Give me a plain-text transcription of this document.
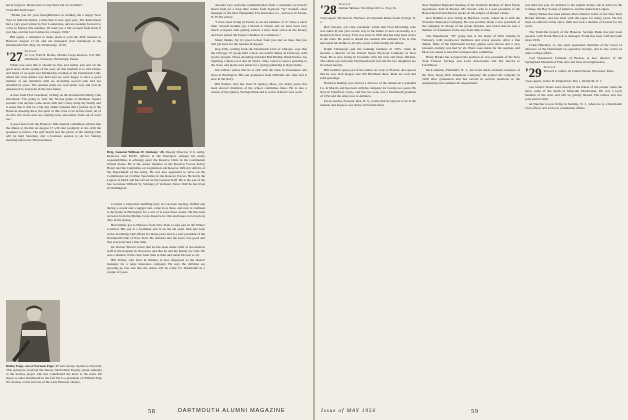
never forgot it. Bessie tries to stay there but we wouldn't...

From Bill Kellerman:

"Thank you for your thoughtfulness in wishing me a happy New Year in mid-December, a time that is now ages past. The Kellermans had a very good winter in Fort Lauderdale, and are looking forward to a trip to Europe this summer. I'll send you a full account from Paris if you like, and my best wishes for a happy 1956."

Bill again, a reminder to make plans to join the 30th reunion in Hanover August 17-19, and our inaugural class luncheons at the Dartmouth Club, May 14, Wednesday, 12:30.

'27 Secretary
Lt. Col. Fred B. Bolles, Marine Corps Reserve, Fort Sill, Oklahoma; Treasurer, Harrisburg, Penna.

When you read this it should be fine and balmy and and all the good news in the spring of the year. At this moment it is still winter, and many of us spent last Wednesday evening at the Dartmouth Club, where the class dinner was held and we were happy to have a good number of our members with us, including several who had not attended in years. The reunion plans are well under way and will be announced to everyone in the near future.

A note from Fred Greenleaf, writing on the Dartmouth Outing Club letterhead: 'I'm going to visit the NCAA game at Madison Square Garden. Can anyone come down with me? I may bring my family and it looks like it will be a big day. Other remarks that I picked up at the Hanover meeting show the spirit of this class to be in fine form; all of us who live in the area are coming back, and plenty from out of town too.'

A good note from the Hanover 30th reunion committee advises that the dinner at the Inn on August 17 will start promptly at six, with the speakers to follow. The golf match and the picnic at the Outing Club will be held Saturday, and a business session is set for Sunday morning before the final luncheon.

Brig. General William W. Stickney '28, Deputy Director, U.S. Army, Reserves and ROTC Affairs at the Pentagon. Among his many responsibilities is advising upon the Reserve Units in the Continental United States. He is the senior member of the Reserve Forces Policy Board and the Committee on Legislation and Reserve Officers' Affairs of the Department of the Army. He was also appointed to serve on the Commission on Civilian Specialists in the Reserve Forces. He holds the Legion of Merit and has served on the General Staff. He is the son of the late Governor William W. Stickney of Vermont. Since 1949 he has lived in Washington.

Cracked a somewhat shuffling forty in Colorado Springs, fluffed one during a recent and a rugged rain, came in at three, and now is confined to his home at Barrington for a rest of at least three weeks. He has been on leave from the Marine Corps Reserve for this and hopes to be back on duty in the spring.

Ben Ditzler got to Hanover from New York to take part in the Winter Carnival. His son is a freshman and is on the ski team. Ben has been active in Outing Club affairs for many years and is a past president of the Dartmouth Club of New York. He remarks that the snow was good and that everyone had a fine time.

Dr. Robert Brown writes that he has been made chief of the medical staff at the hospital in Worcester and that he and his family are well. He sees a number of the class from time to time and sends his best to all.

Bill Felton, who lives in Omaha, is now employed as the district manager for a large insurance company. He says the children are growing up fast and that the oldest will be ready for Dartmouth in a couple of years.

Another very welcome communication from a classmate we haven't heard from for a long time comes from Seymour "Sy" Sarnoff, sales manager of the New Hampshire Fire Insurance Co., and now in Exeter, N. H. He writes:

"I have been living in Exeter as an old member of '27 since a short time. Several months ago I moved to Exeter and we have been very much occupied with getting settled. I have been active in the Rotary and have joined the Exeter Chamber of Commerce."

Many thanks, Sy; it's good to hear from you and we hope that you will get back for the reunion in August.

Rog Ellis, writing from the Dartmouth Club of Chicago, says that the Chicago '27 group held a most successful dinner in February, with twelve present. Those attending included Bud Hadley, Hank Parker, Joe Spurling, Chuck Lord and Al Weiss. They voted to send a greeting to the class, and plans were made for a spring gathering at Rog's home.

Jim Gilbert writes that he is still with the bank in Providence and lives in Barrington. His son graduated from Williams last June and is now in the Navy.

Bill Palmer, who has lived in Quincy, Mass., for many years, has been elected chairman of the school committee there. He is also a trustee of the Quincy Savings Bank and is active in Red Cross work.

Ridley Page, son of Norman Page '27 and varsity captain as Norwich. This spring he received the Dewey McFadden Trophy, given annually to the hockey player who has contributed the most to the team. He hopes to enter Dartmouth in the fall. He is a grandson of William Page '95, hockey coach and one of the early Hanover skaters.
58	DARTMOUTH ALUMNI MAGAZINE
'28 Secretary
Osmun Skinner, Van Dyke Oil Co. Troy, Pa.

Class Agent, Herman K. Hoehner, 49 Glendale Road, South Orange, N. J.

Bob Stevens, our class president, writes that Fred Kirsching, who was taken ill last year on the way to his home, is now recovering at a hospital in New Jersey. Fred was born in 1905 and has long been active in the class. He plans to attend the reunion this summer if he is able and sends his thanks to all who wrote to him during his illness.

Ralph Thompson quit the banking business in 1955, when he became a director of the United States Plywood Company in New York. He is now living in Scarsdale with his wife and three children. The oldest son will enter Dartmouth next fall and the two daughters are in school nearby.

Bill Gamble spent part of the winter on a trip to Florida, and reports that he saw Jack Rogers and Jim Burnham there. Both are well and send greetings.

Harrison Reiling was elected a director of the American Cyanamid Co. in March, and has been with the company for twenty-two years. He lives in Stamford, Conn., and has two sons, one a Dartmouth graduate of 1954 and the other now at Amherst.

Ewart Archer, Forester, Rye, N. Y., writes that he expects to be at the reunion and hopes to see many old friends there.

New England Regional meeting of the National Institute of Real Estate Appraisers, held in Boston. Mr. Sewell, who is a past president of the Boston Real Estate Board, spoke on the subject of market values.

Ken Hamlin is now living in Hartford, Conn., where he is with the Travelers Insurance Company. He was recently made a vice president of the company, in charge of the group division, and writes that he sees a number of classmates in the area from time to time.

The Manchester "28" group met at the home of Dick Jenkins in February, with twenty-two members and wives present. After a fine dinner, films of the Dartmouth hockey games were shown and a very pleasant evening was had by all. Plans were made for the reunion, and Dick was asked to head the transportation committee.

Harry Barker has accepted the position of vice-president of the New York Federal Savings and Loan Association and has moved to Larchmont.

Dick Jenkins, Plainfield, N. J., has been made assistant treasurer of the New Jersey Bell Telephone Company. He joined the company in 1929 after graduation and has served in several positions in the engineering and commercial departments.

was held last year. In addition to her regular duties, she is active in the College, the Boy Scouts of America, and the American Legion.

Murry Barker has been named chief editorial writer of the New York Herald Tribune, and has been with the paper for many years. He has been an editorial writer since 1946 and won a number of awards for his work.

The Yorkville branch of the Hanover Savings Bank has just been opened, with Frank Hiscock as manager. Frank has been with the bank since 1936.

Frank Hinckley, Jr., has been appointed chairman of the board of directors of the Dartmouth Co-operative Society, and is also active in other college affairs.

Carl Woodward, formerly of Boston, is now director of the Springfield Museum of Fine Arts and lives in Longmeadow.

'29 Secretary
Edward L. Gibbs, 45 Central Street, Worcester, Mass.

Class Agent, James B. Kirkpatrick, Box 1, Westfield, N. J.

Lee Jones's Notes were mostly in the hands of the printer when the news came of the death of Malcolm MacKenzie. He was a loyal member of the class and will be greatly missed. His widow and two sons survive him.

Al Dutcher is now living in Summit, N. J., where he is a Dartmouth Club officer and active in community affairs.

Issue of MAY 1956	59
